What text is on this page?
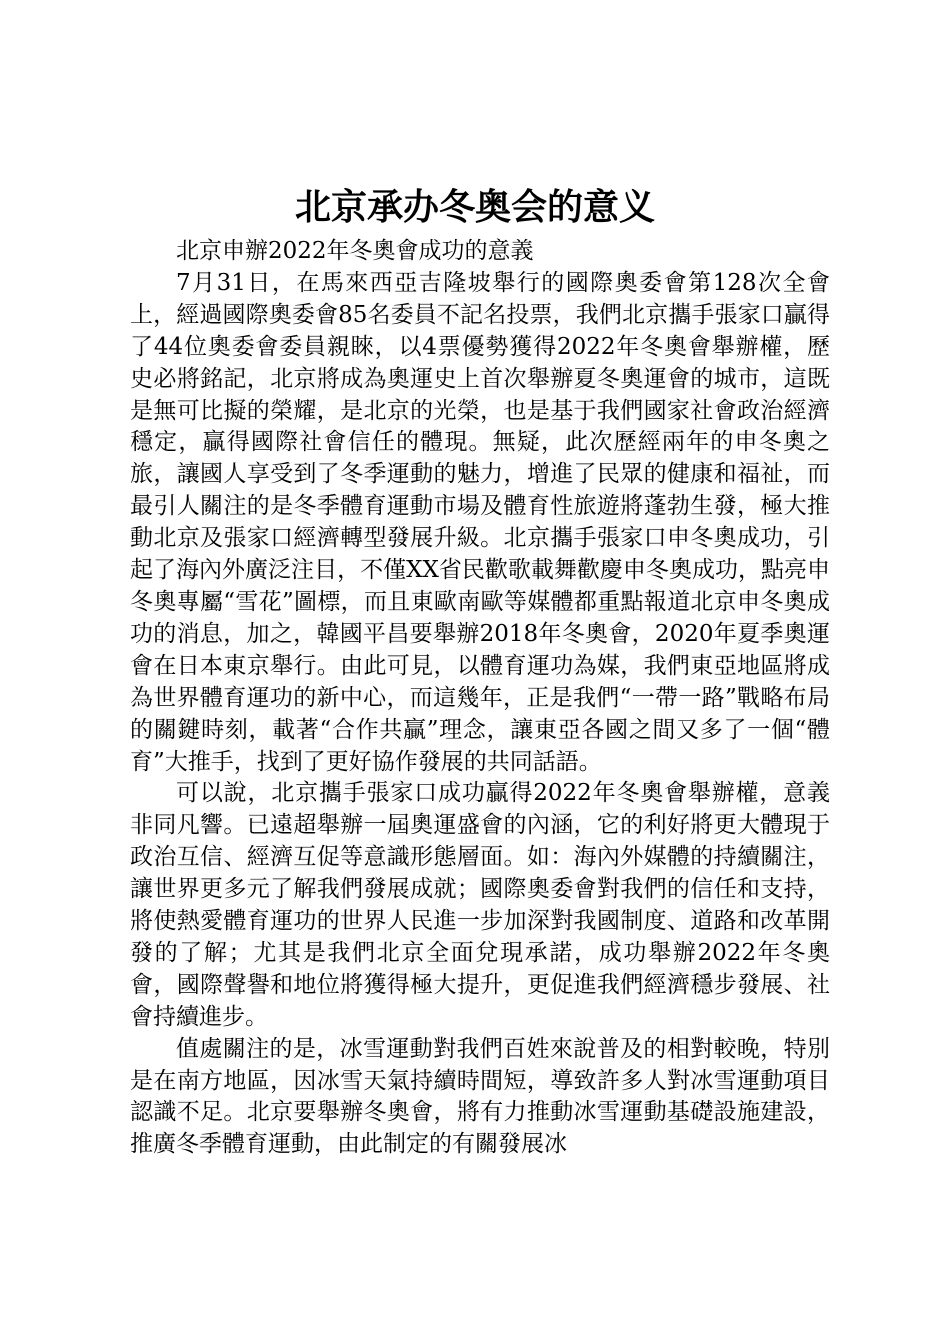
北京承办冬奥会的意义

北京申辦2022年冬奧會成功的意義

7月31日，在馬來西亞吉隆坡舉行的國際奧委會第128次全會上，經過國際奧委會85名委員不記名投票，我們北京攜手張家口贏得了44位奧委會委員親睞，以4票優勢獲得2022年冬奧會舉辦權，歷史必將銘記，北京將成為奧運史上首次舉辦夏冬奧運會的城市，這既是無可比擬的榮耀，是北京的光榮，也是基于我們國家社會政治經濟穩定，贏得國際社會信任的體現。無疑，此次歷經兩年的申冬奧之旅，讓國人享受到了冬季運動的魅力，增進了民眾的健康和福祉，而最引人關注的是冬季體育運動市場及體育性旅遊將蓬勃生發，極大推動北京及張家口經濟轉型發展升級。北京攜手張家口申冬奧成功，引起了海內外廣泛注目，不僅XX省民歡歌載舞歡慶申冬奧成功，點亮申冬奧專屬“雪花”圖標，而且東歐南歐等媒體都重點報道北京申冬奧成功的消息，加之，韓國平昌要舉辦2018年冬奧會，2020年夏季奧運會在日本東京舉行。由此可見，以體育運功為媒，我們東亞地區將成為世界體育運功的新中心，而這幾年，正是我們“一帶一路”戰略布局的關鍵時刻，載著“合作共贏”理念，讓東亞各國之間又多了一個“體育”大推手，找到了更好協作發展的共同話語。

可以說，北京攜手張家口成功贏得2022年冬奧會舉辦權，意義非同凡響。已遠超舉辦一屆奧運盛會的內涵，它的利好將更大體現于政治互信、經濟互促等意識形態層面。如：海內外媒體的持續關注，讓世界更多元了解我們發展成就；國際奧委會對我們的信任和支持，將使熱愛體育運功的世界人民進一步加深對我國制度、道路和改革開發的了解；尤其是我們北京全面兌現承諾，成功舉辦2022年冬奧會，國際聲譽和地位將獲得極大提升，更促進我們經濟穩步發展、社會持續進步。

值處關注的是，冰雪運動對我們百姓來說普及的相對較晚，特別是在南方地區，因冰雪天氣持續時間短，導致許多人對冰雪運動項目認識不足。北京要舉辦冬奧會，將有力推動冰雪運動基礎設施建設，推廣冬季體育運動，由此制定的有關發展冰
